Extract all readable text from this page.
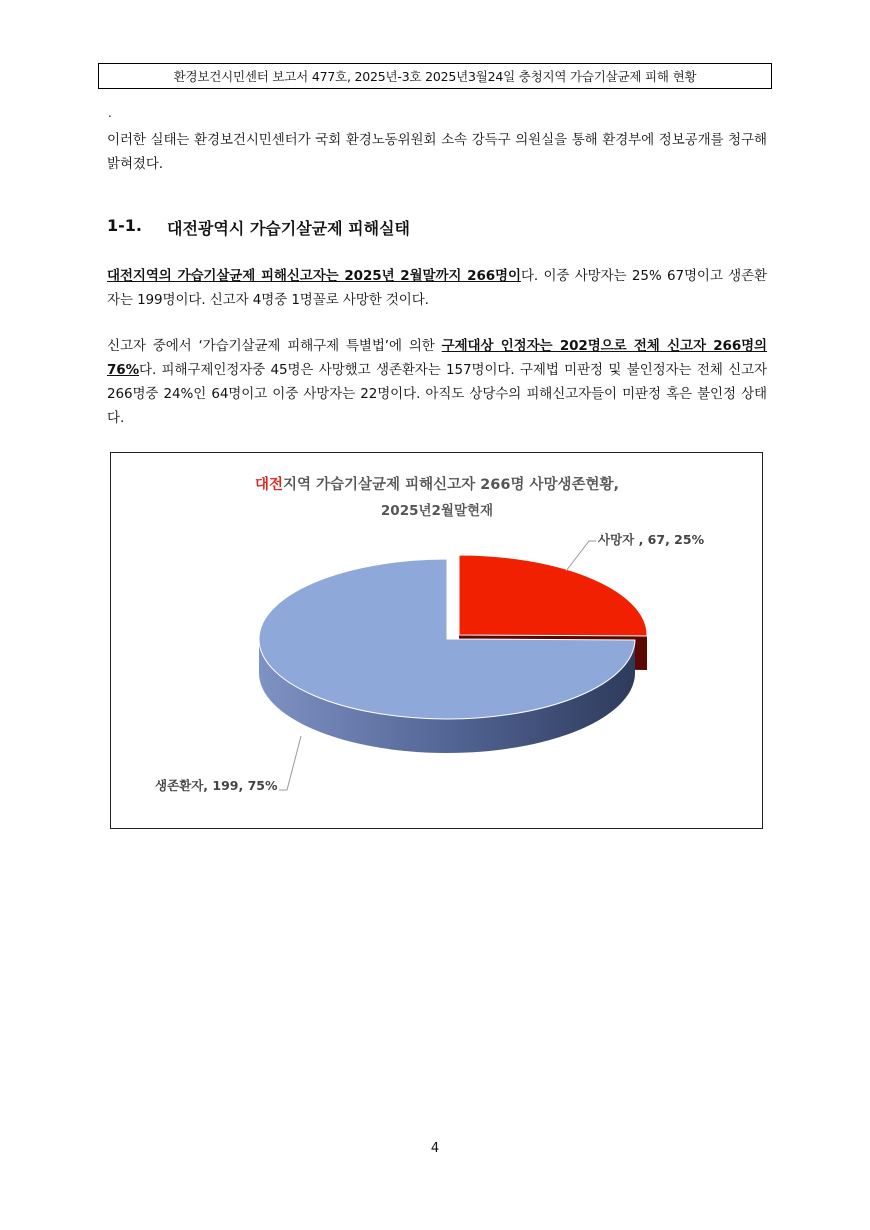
환경보건시민센터 보고서 477호, 2025년-3호 2025년3월24일 충청지역 가습기살균제 피해 현황
.
이러한 실태는 환경보건시민센터가 국회 환경노동위원회 소속 강득구 의원실을 통해 환경부에 정보공개를 청구해 밝혀졌다.
1-1.	대전광역시 가습기살균제 피해실태
대전지역의 가습기살균제 피해신고자는 2025년 2월말까지 266명이다. 이중 사망자는 25% 67명이고 생존환자는 199명이다. 신고자 4명중 1명꼴로 사망한 것이다.
신고자 중에서 ‘가습기살균제 피해구제 특별법’에 의한 구제대상 인정자는 202명으로 전체 신고자 266명의 76%다. 피해구제인정자중 45명은 사망했고 생존환자는 157명이다. 구제법 미판정 및 불인정자는 전체 신고자 266명중 24%인 64명이고 이중 사망자는 22명이다. 아직도 상당수의 피해신고자들이 미판정 혹은 불인정 상태다.
대전지역 가습기살균제 피해신고자 266명 사망생존현황,
2025년2월말현재
사망자 , 67, 25%
생존환자, 199, 75%
4
